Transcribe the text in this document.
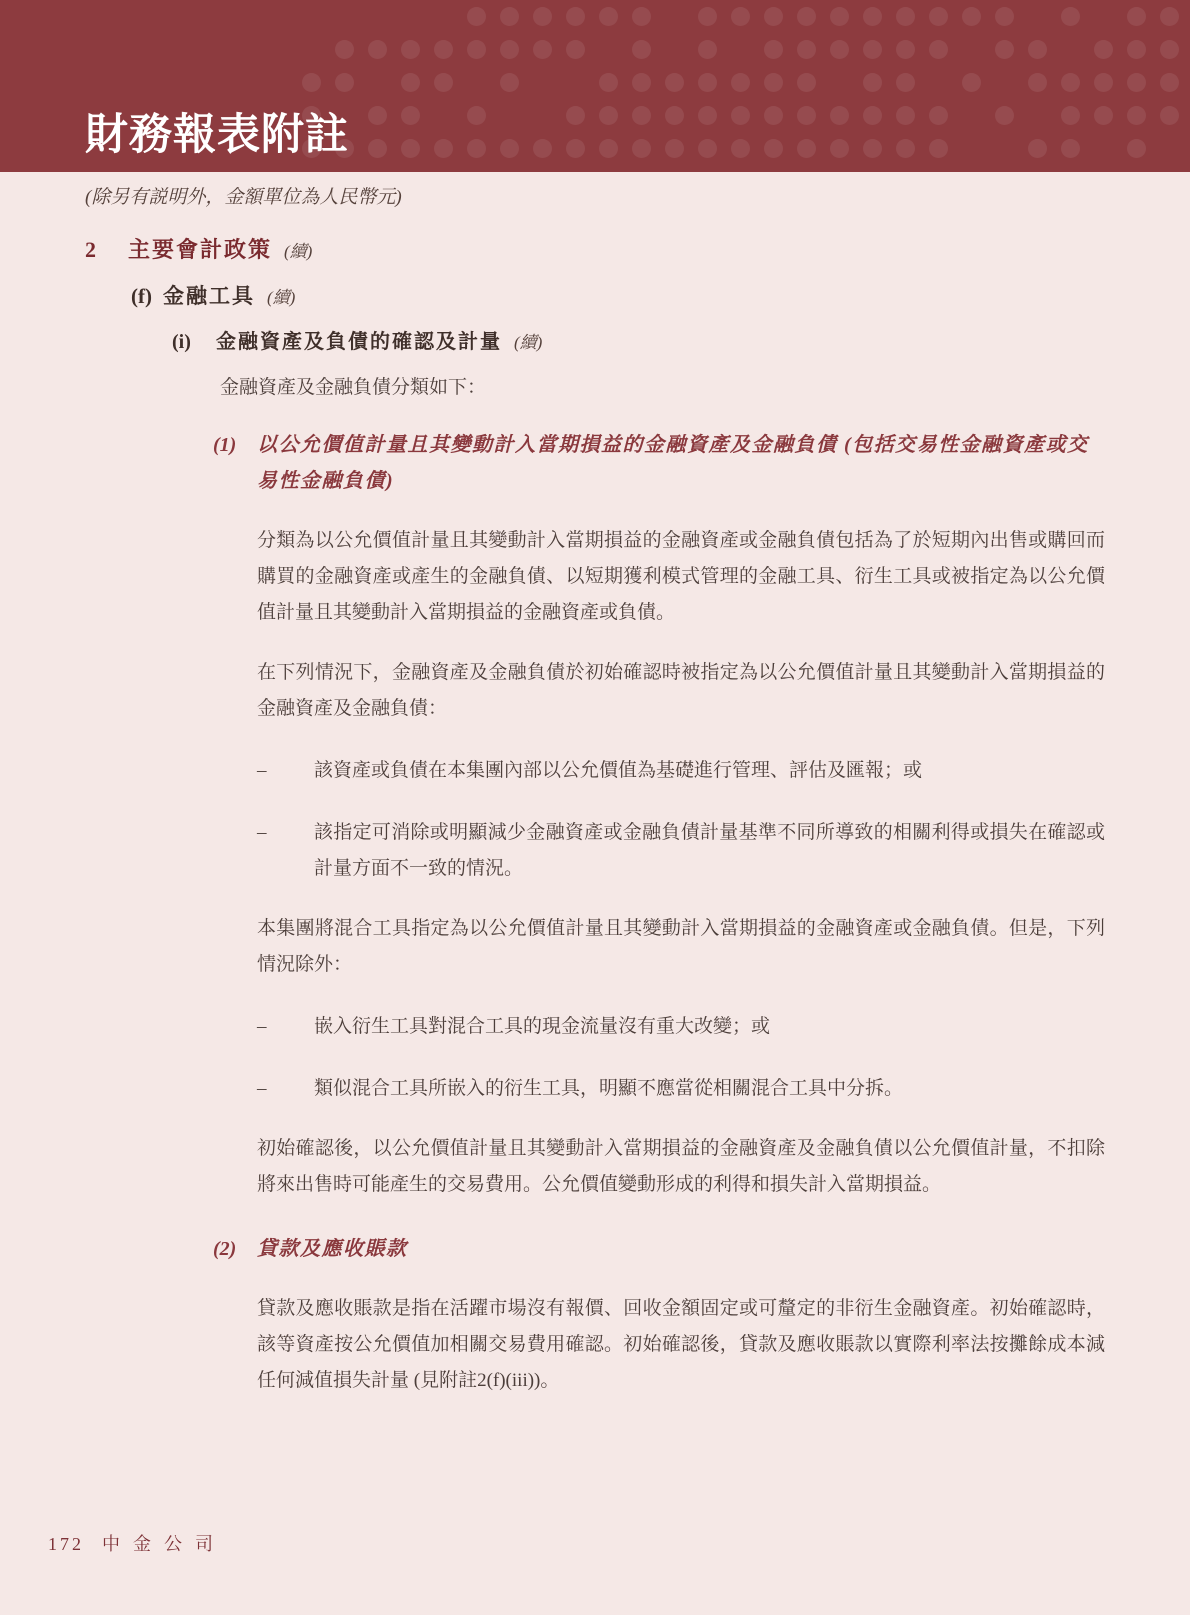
財務報表附註

(除另有説明外，金額單位為人民幣元)

2 主要會計政策 (續)
(f) 金融工具 (續)
(i) 金融資產及負債的確認及計量 (續)

金融資產及金融負債分類如下：

(1)	以公允價值計量且其變動計入當期損益的金融資產及金融負債 (包括交易性金融資產或交易性金融負債)

分類為以公允價值計量且其變動計入當期損益的金融資產或金融負債包括為了於短期內出售或購回而購買的金融資產或產生的金融負債、以短期獲利模式管理的金融工具、衍生工具或被指定為以公允價值計量且其變動計入當期損益的金融資產或負債。

在下列情況下，金融資產及金融負債於初始確認時被指定為以公允價值計量且其變動計入當期損益的金融資產及金融負債：

–	該資產或負債在本集團內部以公允價值為基礎進行管理、評估及匯報；或
–	該指定可消除或明顯減少金融資產或金融負債計量基準不同所導致的相關利得或損失在確認或計量方面不一致的情況。

本集團將混合工具指定為以公允價值計量且其變動計入當期損益的金融資產或金融負債。但是，下列情況除外：

–	嵌入衍生工具對混合工具的現金流量沒有重大改變；或
–	類似混合工具所嵌入的衍生工具，明顯不應當從相關混合工具中分拆。

初始確認後，以公允價值計量且其變動計入當期損益的金融資產及金融負債以公允價值計量，不扣除將來出售時可能產生的交易費用。公允價值變動形成的利得和損失計入當期損益。

(2)	貸款及應收賬款

貸款及應收賬款是指在活躍市場沒有報價、回收金額固定或可釐定的非衍生金融資產。初始確認時，該等資產按公允價值加相關交易費用確認。初始確認後，貸款及應收賬款以實際利率法按攤餘成本減任何減值損失計量 (見附註2(f)(iii))。

172 中金公司
